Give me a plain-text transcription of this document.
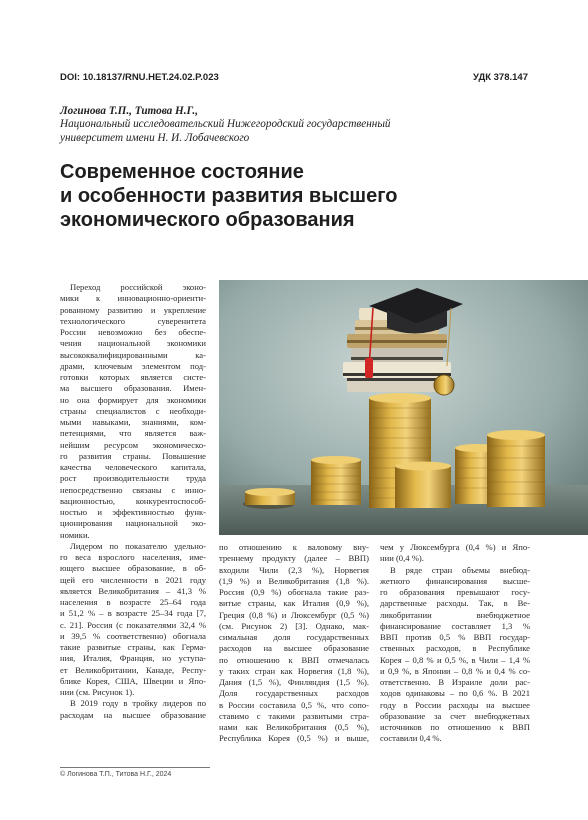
DOI: 10.18137/RNU.HET.24.02.P.023	УДК 378.147
Логинова Т.П., Титова Н.Г.,
Национальный исследовательский Нижегородский государственный
университет имени Н. И. Лобачевского
Современное состояние
и особенности развития высшего
экономического образования
Переход российской эконо-
мики к инновационно-ориенти-
рованному развитию и укрепление
технологического суверенитета
России невозможно без обеспе-
чения национальной экономики
высококвалифицированными ка-
драми, ключевым элементом под-
готовки которых является систе-
ма высшего образования. Имен-
но она формирует для экономики
страны специалистов с необходи-
мыми навыками, знаниями, ком-
петенциями, что является важ-
нейшим ресурсом экономическо-
го развития страны. Повышение
качества человеческого капитала,
рост производительности труда
непосредственно связаны с инно-
вационностью, конкурентоспособ-
ностью и эффективностью функ-
ционирования национальной эко-
номики.
Лидером по показателю удельно-
го веса взрослого населения, име-
ющего высшее образование, в об-
щей его численности в 2021 году
является Великобритания – 41,3 %
населения в возрасте 25–64 года
и 51,2 % – в возрасте 25–34 года [7,
с. 21]. Россия (с показателями 32,4 %
и 39,5 % соответственно) обогнала
такие развитые страны, как Герма-
ния, Италия, Франция, но уступа-
ет Великобритании, Канаде, Респу-
блике Корея, США, Швеции и Япо-
нии (см. Рисунок 1).
В 2019 году в тройку лидеров по
расходам на высшее образование
по отношению к валовому вну-
треннему продукту (далее – ВВП)
входили Чили (2,3 %), Норвегия
(1,9 %) и Великобритания (1,8 %).
Россия (0,9 %) обогнала такие раз-
витые страны, как Италия (0,9 %),
Греция (0,8 %) и Люксембург (0,5 %)
(см. Рисунок 2) [3]. Однако, мак-
симальная доля государственных
расходов на высшее образование
по отношению к ВВП отмечалась
у таких стран как Норвегия (1,8 %),
Дания (1,5 %), Финляндия (1,5 %).
Доля государственных расходов
в России составила 0,5 %, что сопо-
ставимо с такими развитыми стра-
нами как Великобритания (0,5 %),
Республика Корея (0,5 %) и выше,
чем у Люксембурга (0,4 %) и Япо-
нии (0,4 %).
В ряде стран объемы внебюд-
жетного финансирования высше-
го образования превышают госу-
дарственные расходы. Так, в Ве-
ликобритании внебюджетное
финансирование составляет 1,3 %
ВВП против 0,5 % ВВП государ-
ственных расходов, в Республике
Корея – 0,8 % и 0,5 %, в Чили – 1,4 %
и 0,9 %, в Японии – 0,8 % и 0,4 % со-
ответственно. В Израиле доли рас-
ходов одинаковы – по 0,6 %. В 2021
году в России расходы на высшее
образование за счет внебюджетных
источников по отношению к ВВП
составили 0,4 %.
© Логинова Т.П., Титова Н.Г., 2024
